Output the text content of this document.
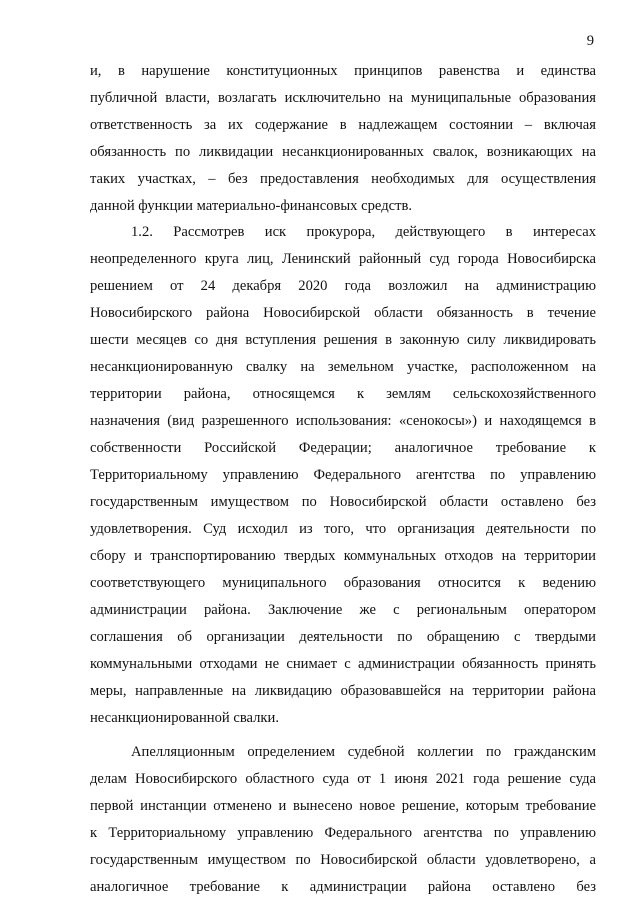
9
и, в нарушение конституционных принципов равенства и единства
публичной власти, возлагать исключительно на муниципальные образования
ответственность за их содержание в надлежащем состоянии – включая
обязанность по ликвидации несанкционированных свалок, возникающих на
таких участках, – без предоставления необходимых для осуществления
данной функции материально-финансовых средств.
1.2. Рассмотрев иск прокурора, действующего в интересах
неопределенного круга лиц, Ленинский районный суд города Новосибирска
решением от 24 декабря 2020 года возложил на администрацию
Новосибирского района Новосибирской области обязанность в течение
шести месяцев со дня вступления решения в законную силу ликвидировать
несанкционированную свалку на земельном участке, расположенном на
территории района, относящемся к землям сельскохозяйственного
назначения (вид разрешенного использования: «сенокосы») и находящемся в
собственности Российской Федерации; аналогичное требование к
Территориальному управлению Федерального агентства по управлению
государственным имуществом по Новосибирской области оставлено без
удовлетворения. Суд исходил из того, что организация деятельности по
сбору и транспортированию твердых коммунальных отходов на территории
соответствующего муниципального образования относится к ведению
администрации района. Заключение же с региональным оператором
соглашения об организации деятельности по обращению с твердыми
коммунальными отходами не снимает с администрации обязанность принять
меры, направленные на ликвидацию образовавшейся на территории района
несанкционированной свалки.
Апелляционным определением судебной коллегии по гражданским
делам Новосибирского областного суда от 1 июня 2021 года решение суда
первой инстанции отменено и вынесено новое решение, которым требование
к Территориальному управлению Федерального агентства по управлению
государственным имуществом по Новосибирской области удовлетворено, а
аналогичное требование к администрации района оставлено без
